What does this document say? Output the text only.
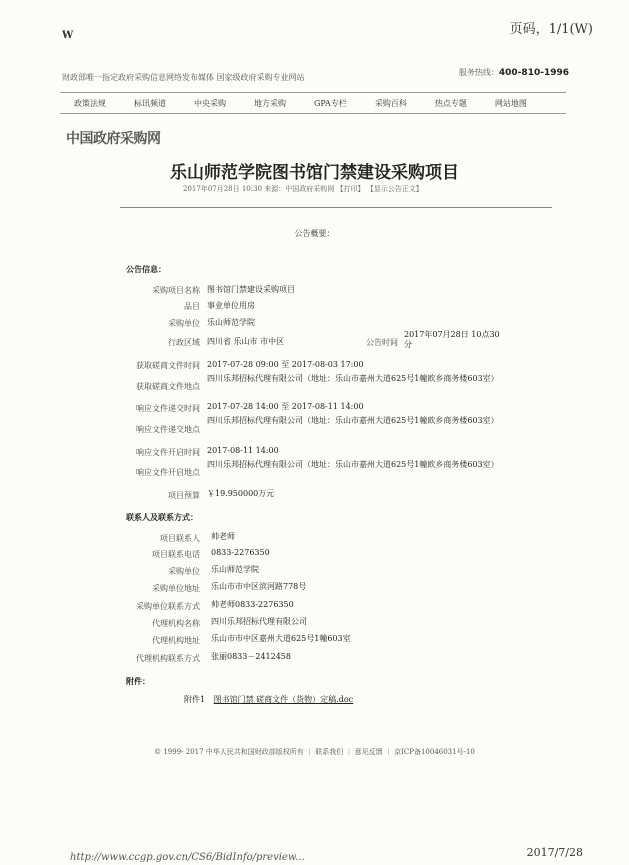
W	页码，1/1(W)
财政部唯一指定政府采购信息网络发布媒体 国家级政府采购专业网站
服务热线：400-810-1996
政策法规	标讯频道	中央采购	地方采购	GPA专栏	采购百科	热点专题	网站地图
中国政府采购网
乐山师范学院图书馆门禁建设采购项目
2017年07月28日 10:30 来源：中国政府采购网 【打印】 【显示公告正文】
公告概要：
公告信息：
采购项目名称 图书馆门禁建设采购项目
品目 事业单位用房
采购单位 乐山师范学院
行政区域 四川省 乐山市 市中区	公告时间
2017年07月28日 10点30分
获取磋商文件时间 2017-07-28 09:00 至 2017-08-03 17:00
获取磋商文件地点
四川乐邦招标代理有限公司（地址：乐山市嘉州大道625号1幢欧乡商务楼603室）
响应文件递交时间 2017-07-28 14:00 至 2017-08-11 14:00
响应文件递交地点
四川乐邦招标代理有限公司（地址：乐山市嘉州大道625号1幢欧乡商务楼603室）
响应文件开启时间 2017-08-11 14:00
响应文件开启地点
四川乐邦招标代理有限公司（地址：乐山市嘉州大道625号1幢欧乡商务楼603室）
项目预算 ￥19.950000万元
联系人及联系方式：
项目联系人 帅老师
项目联系电话 0833-2276350
采购单位 乐山师范学院
采购单位地址 乐山市市中区滨河路778号
采购单位联系方式 帅老师0833-2276350
代理机构名称 四川乐邦招标代理有限公司
代理机构地址 乐山市市中区嘉州大道625号1幢603室
代理机构联系方式 张丽0833－2412458
附件：
附件1 图书馆门禁 磋商文件（货物）定稿.doc
© 1999- 2017 中华人民共和国财政部版权所有 ｜ 联系我们 ｜ 意见反馈 ｜ 京ICP备10046031号-10
http://www.ccgp.gov.cn/CS6/BidInfo/preview...	2017/7/28
